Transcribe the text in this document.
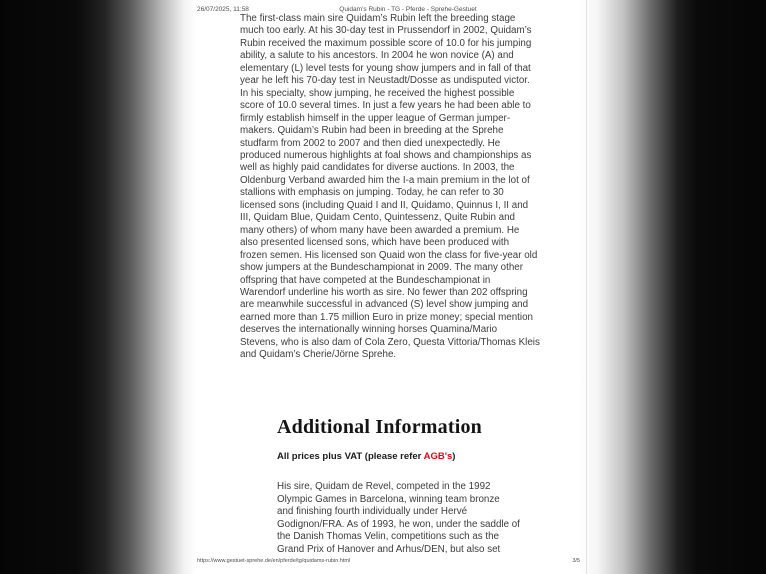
26/07/2025, 11:58	Quidam’s Rubin - TG - Pferde - Sprehe-Gestuet
The first-class main sire Quidam’s Rubin left the breeding stage
much too early. At his 30-day test in Prussendorf in 2002, Quidam’s
Rubin received the maximum possible score of 10.0 for his jumping
ability, a salute to his ancestors. In 2004 he won novice (A) and
elementary (L) level tests for young show jumpers and in fall of that
year he left his 70-day test in Neustadt/Dosse as undisputed victor.
In his specialty, show jumping, he received the highest possible
score of 10.0 several times. In just a few years he had been able to
firmly establish himself in the upper league of German jumper-
makers. Quidam’s Rubin had been in breeding at the Sprehe
studfarm from 2002 to 2007 and then died unexpectedly. He
produced numerous highlights at foal shows and championships as
well as highly paid candidates for diverse auctions. In 2003, the
Oldenburg Verband awarded him the I-a main premium in the lot of
stallions with emphasis on jumping. Today, he can refer to 30
licensed sons (including Quaid I and II, Quidamo, Quinnus I, II and
III, Quidam Blue, Quidam Cento, Quintessenz, Quite Rubin and
many others) of whom many have been awarded a premium. He
also presented licensed sons, which have been produced with
frozen semen. His licensed son Quaid won the class for five-year old
show jumpers at the Bundeschampionat in 2009. The many other
offspring that have competed at the Bundeschampionat in
Warendorf underline his worth as sire. No fewer than 202 offspring
are meanwhile successful in advanced (S) level show jumping and
earned more than 1.75 million Euro in prize money; special mention
deserves the internationally winning horses Quamina/Mario
Stevens, who is also dam of Cola Zero, Questa Vittoria/Thomas Kleis
and Quidam’s Cherie/Jörne Sprehe.
Additional Information
All prices plus VAT (please refer AGB's)
His sire, Quidam de Revel, competed in the 1992
Olympic Games in Barcelona, winning team bronze
and finishing fourth individually under Hervé
Godignon/FRA. As of 1993, he won, under the saddle of
the Danish Thomas Velin, competitions such as the
Grand Prix of Hanover and Arhus/DEN, but also set
https://www.gestuet-sprehe.de/en/pferde/tg/quidams-rubin.html	3/5
